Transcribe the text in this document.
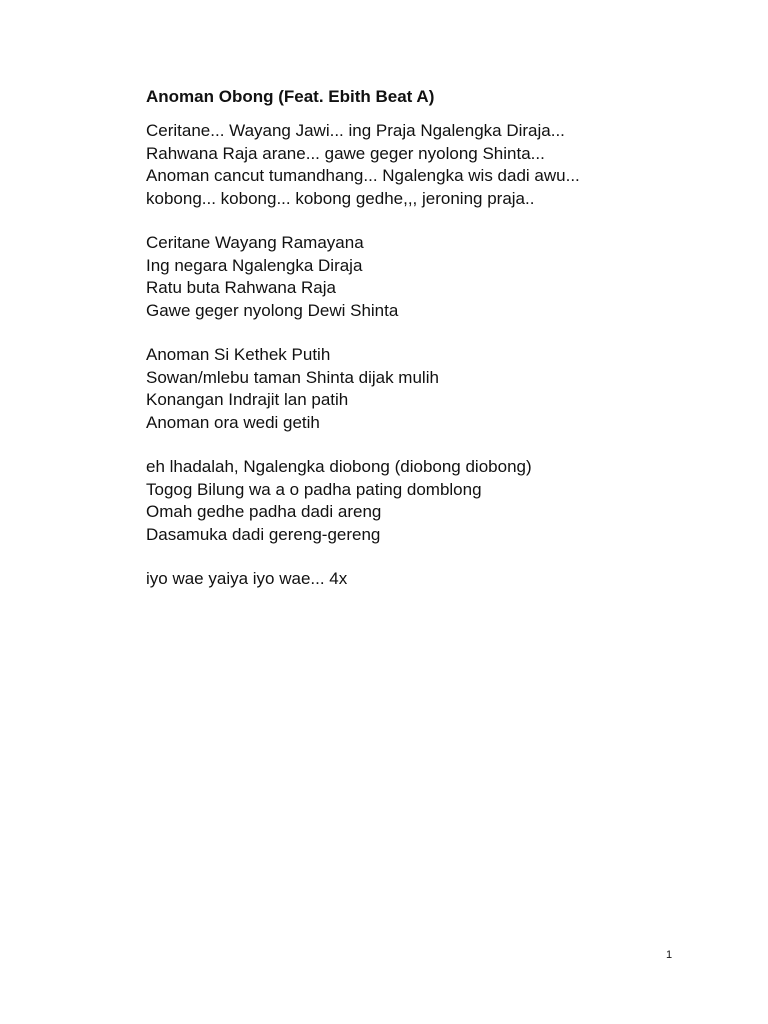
Anoman Obong (Feat. Ebith Beat A)
Ceritane... Wayang Jawi... ing Praja Ngalengka Diraja...
Rahwana Raja arane... gawe geger nyolong Shinta...
Anoman cancut tumandhang... Ngalengka wis dadi awu...
kobong... kobong... kobong gedhe,,, jeroning praja..
Ceritane Wayang Ramayana
Ing negara Ngalengka Diraja
Ratu buta Rahwana Raja
Gawe geger nyolong Dewi Shinta
Anoman Si Kethek Putih
Sowan/mlebu taman Shinta dijak mulih
Konangan Indrajit lan patih
Anoman ora wedi getih
eh lhadalah, Ngalengka diobong (diobong diobong)
Togog Bilung wa a o padha pating domblong
Omah gedhe padha dadi areng
Dasamuka dadi gereng-gereng
iyo wae yaiya iyo wae... 4x
1
